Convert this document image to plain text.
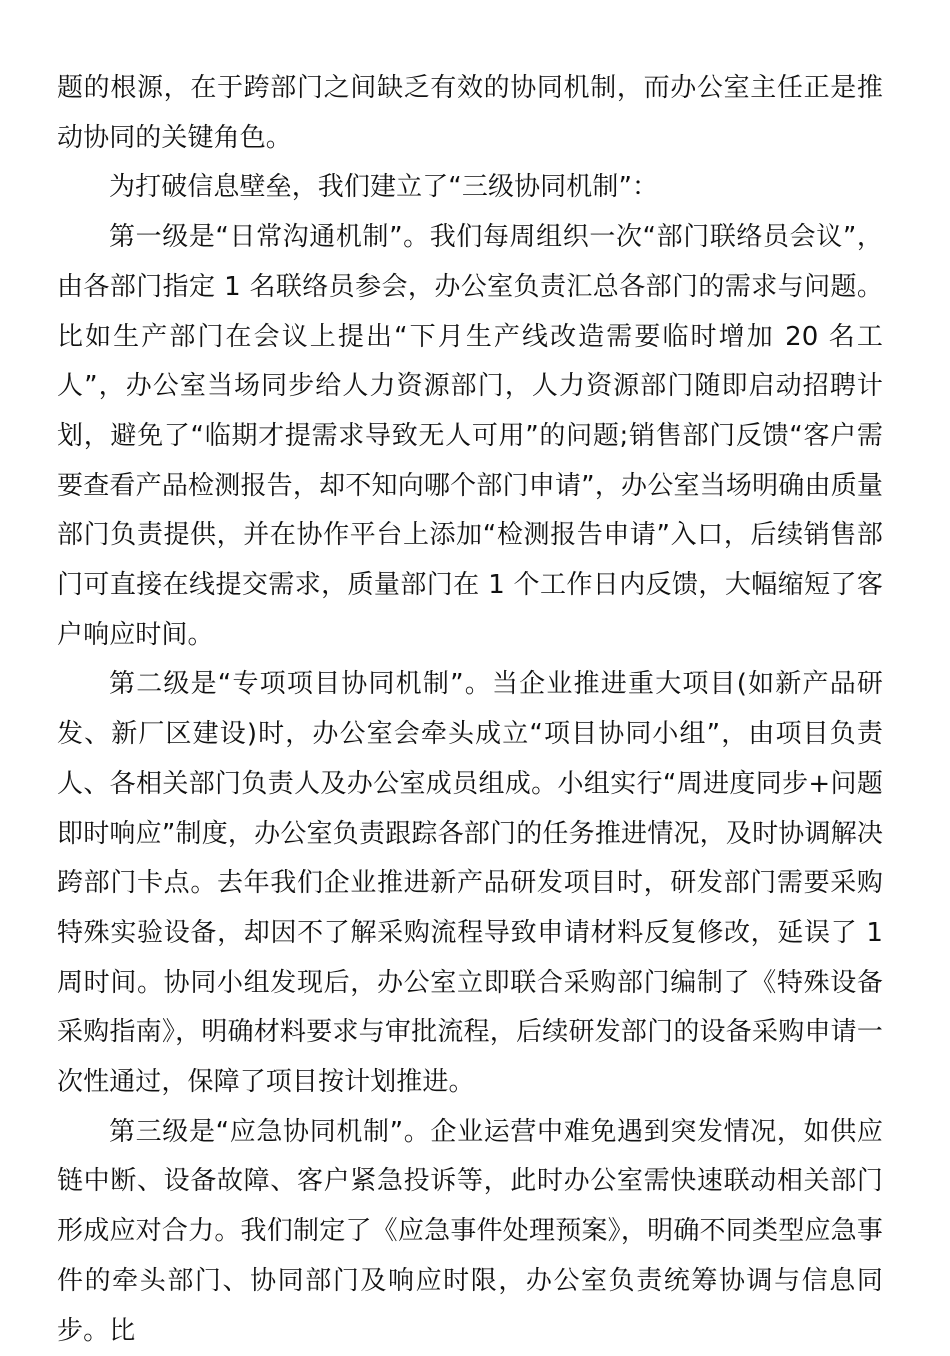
题的根源，在于跨部门之间缺乏有效的协同机制，而办公室主任正是推动协同的关键角色。

为打破信息壁垒，我们建立了“三级协同机制”：

第一级是“日常沟通机制”。我们每周组织一次“部门联络员会议”，由各部门指定 1 名联络员参会，办公室负责汇总各部门的需求与问题。比如生产部门在会议上提出“下月生产线改造需要临时增加 20 名工人”，办公室当场同步给人力资源部门，人力资源部门随即启动招聘计划，避免了“临期才提需求导致无人可用”的问题;销售部门反馈“客户需要查看产品检测报告，却不知向哪个部门申请”，办公室当场明确由质量部门负责提供，并在协作平台上添加“检测报告申请”入口，后续销售部门可直接在线提交需求，质量部门在 1 个工作日内反馈，大幅缩短了客户响应时间。

第二级是“专项项目协同机制”。当企业推进重大项目(如新产品研发、新厂区建设)时，办公室会牵头成立“项目协同小组”，由项目负责人、各相关部门负责人及办公室成员组成。小组实行“周进度同步+问题即时响应”制度，办公室负责跟踪各部门的任务推进情况，及时协调解决跨部门卡点。去年我们企业推进新产品研发项目时，研发部门需要采购特殊实验设备，却因不了解采购流程导致申请材料反复修改，延误了 1 周时间。协同小组发现后，办公室立即联合采购部门编制了《特殊设备采购指南》，明确材料要求与审批流程，后续研发部门的设备采购申请一次性通过，保障了项目按计划推进。

第三级是“应急协同机制”。企业运营中难免遇到突发情况，如供应链中断、设备故障、客户紧急投诉等，此时办公室需快速联动相关部门形成应对合力。我们制定了《应急事件处理预案》，明确不同类型应急事件的牵头部门、协同部门及响应时限，办公室负责统筹协调与信息同步。比
